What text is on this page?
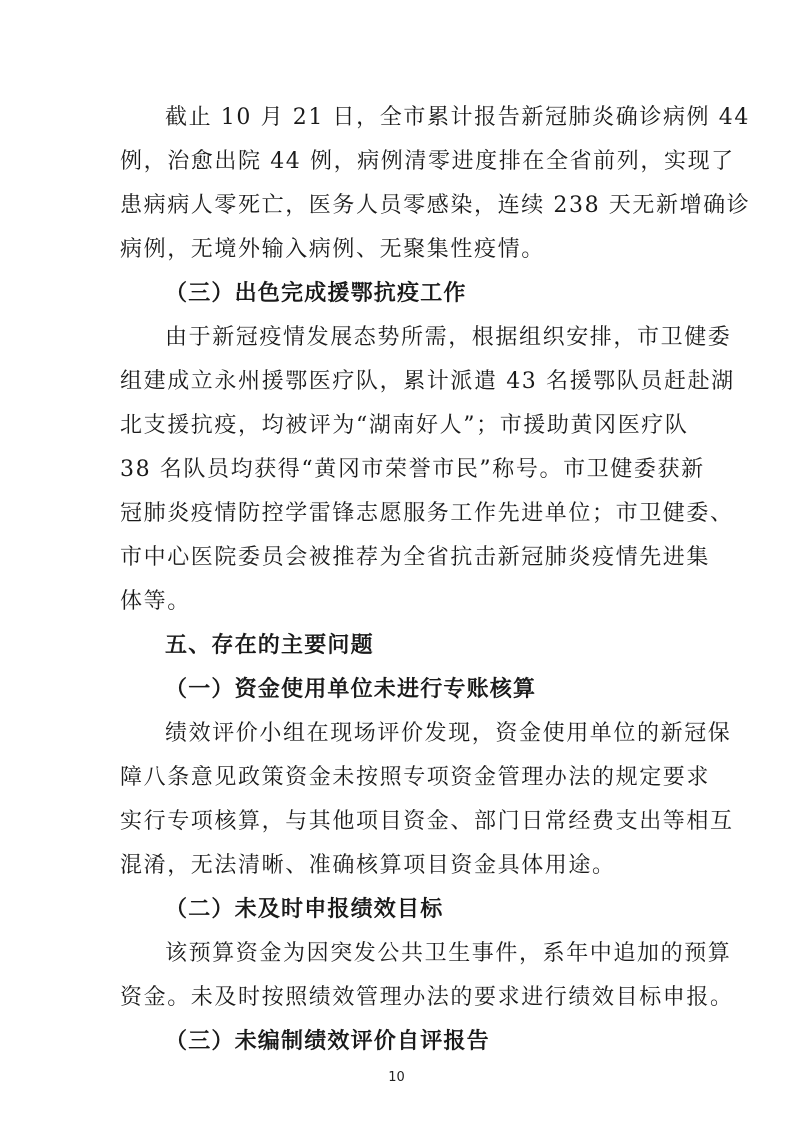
截止 10 月 21 日，全市累计报告新冠肺炎确诊病例 44
例，治愈出院 44 例，病例清零进度排在全省前列，实现了
患病病人零死亡，医务人员零感染，连续 238 天无新增确诊
病例，无境外输入病例、无聚集性疫情。
（三）出色完成援鄂抗疫工作
由于新冠疫情发展态势所需，根据组织安排，市卫健委
组建成立永州援鄂医疗队，累计派遣 43 名援鄂队员赶赴湖
北支援抗疫，均被评为“湖南好人”；市援助黄冈医疗队
38 名队员均获得“黄冈市荣誉市民”称号。市卫健委获新
冠肺炎疫情防控学雷锋志愿服务工作先进单位；市卫健委、
市中心医院委员会被推荐为全省抗击新冠肺炎疫情先进集
体等。
五、存在的主要问题
（一）资金使用单位未进行专账核算
绩效评价小组在现场评价发现，资金使用单位的新冠保
障八条意见政策资金未按照专项资金管理办法的规定要求
实行专项核算，与其他项目资金、部门日常经费支出等相互
混淆，无法清晰、准确核算项目资金具体用途。
（二）未及时申报绩效目标
该预算资金为因突发公共卫生事件，系年中追加的预算
资金。未及时按照绩效管理办法的要求进行绩效目标申报。
（三）未编制绩效评价自评报告
10
